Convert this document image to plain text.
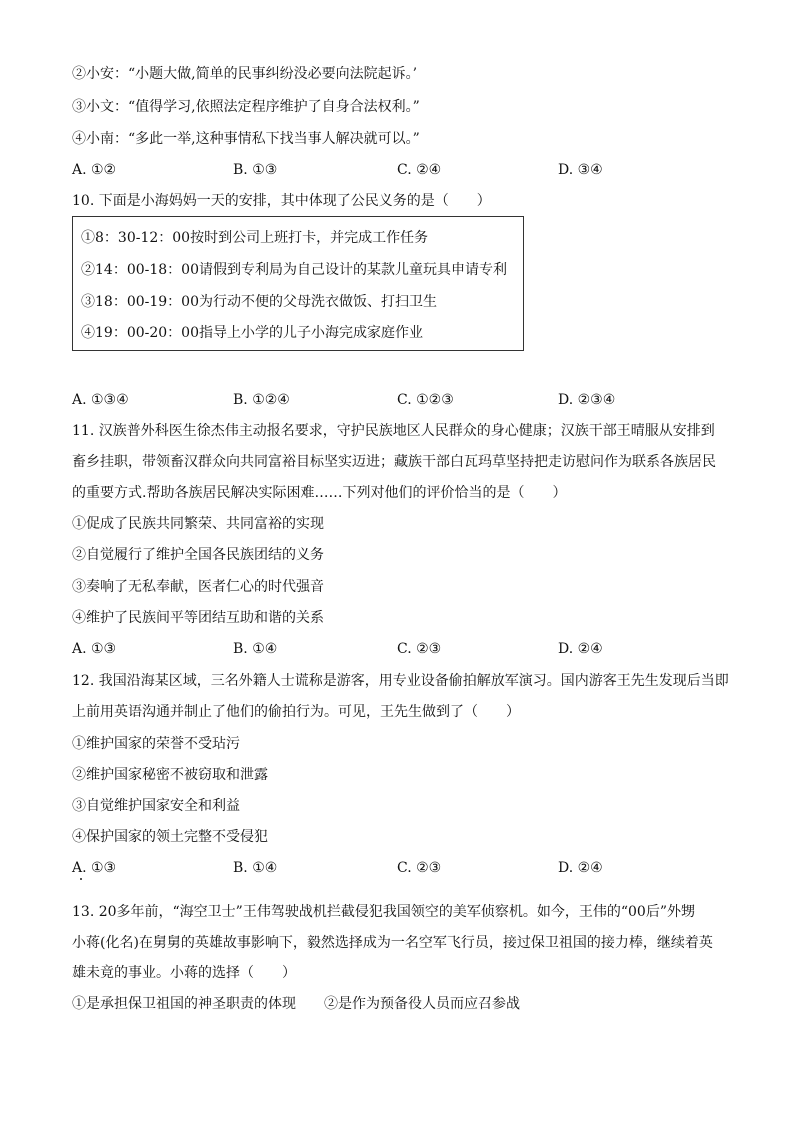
②小安：“小题大做,简单的民事纠纷没必要向法院起诉。’
③小文：“值得学习,依照法定程序维护了自身合法权利。”
④小南：“多此一举,这种事情私下找当事人解决就可以。”
A. ①②	B. ①③	C. ②④	D. ③④
10. 下面是小海妈妈一天的安排，其中体现了公民义务的是（　　）
①8：30-12：00按时到公司上班打卡，并完成工作任务
②14：00-18：00请假到专利局为自己设计的某款儿童玩具申请专利
③18：00-19：00为行动不便的父母洗衣做饭、打扫卫生
④19：00-20：00指导上小学的儿子小海完成家庭作业
A. ①③④	B. ①②④	C. ①②③	D. ②③④
11. 汉族普外科医生徐杰伟主动报名要求，守护民族地区人民群众的身心健康；汉族干部王晴服从安排到
畜乡挂职，带领畜汉群众向共同富裕目标坚实迈进；藏族干部白瓦玛草坚持把走访慰问作为联系各族居民
的重要方式.帮助各族居民解决实际困难……下列对他们的评价恰当的是（　　）
①促成了民族共同繁荣、共同富裕的实现
②自觉履行了维护全国各民族团结的义务
③奏响了无私奉献，医者仁心的时代强音
④维护了民族间平等团结互助和谐的关系
A. ①③	B. ①④	C. ②③	D. ②④
12. 我国沿海某区域，三名外籍人士谎称是游客，用专业设备偷拍解放军演习。国内游客王先生发现后当即
上前用英语沟通并制止了他们的偷拍行为。可见，王先生做到了（　　）
①维护国家的荣誉不受玷污
②维护国家秘密不被窃取和泄露
③自觉维护国家安全和利益
④保护国家的领土完整不受侵犯
A. ①③	B. ①④	C. ②③	D. ②④
13. 20多年前，“海空卫士”王伟驾驶战机拦截侵犯我国领空的美军侦察机。如今，王伟的“00后”外甥
小蒋(化名)在舅舅的英雄故事影响下，毅然选择成为一名空军飞行员，接过保卫祖国的接力棒，继续着英
雄未竟的事业。小蒋的选择（　　）
①是承担保卫祖国的神圣职责的体现　　②是作为预备役人员而应召参战
